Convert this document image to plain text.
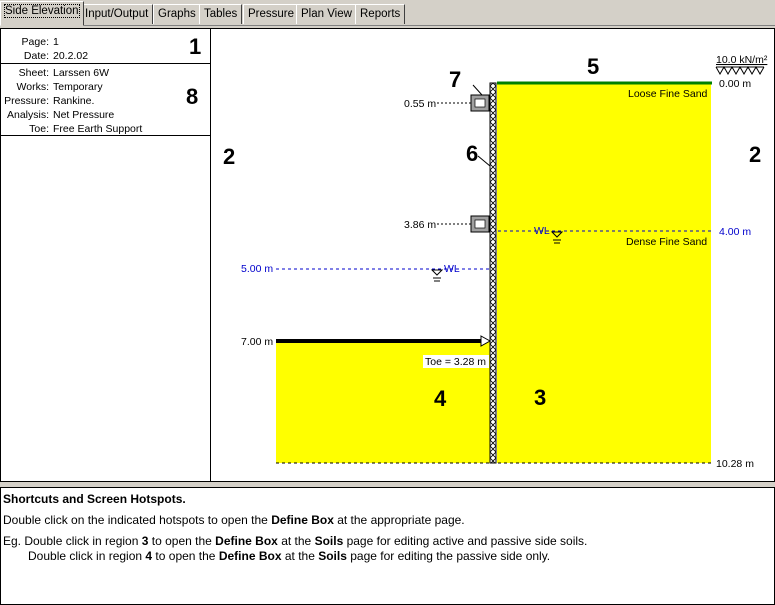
Side Elevation Input/Output Graphs Tables Pressure Plan View Reports
Page: 1
Date: 20.2.02	1
Sheet: Larssen 6W
Works: Temporary
Pressure: Rankine.
Analysis: Net Pressure
Toe: Free Earth Support
8
10.0 kN/m²
0.00 m
Loose Fine Sand
Dense Fine Sand
0.55 m
3.86 m	WL	4.00 m
5.00 m	WL
7.00 m
Toe = 3.28 m
10.28 m
2	2
3
4
5
6
7

Shortcuts and Screen Hotspots.

Double click on the indicated hotspots to open the Define Box at the appropriate page.

Eg. Double click in region 3 to open the Define Box at the Soils page for editing active and passive side soils.

Double click in region 4 to open the Define Box at the Soils page for editing the passive side only.
